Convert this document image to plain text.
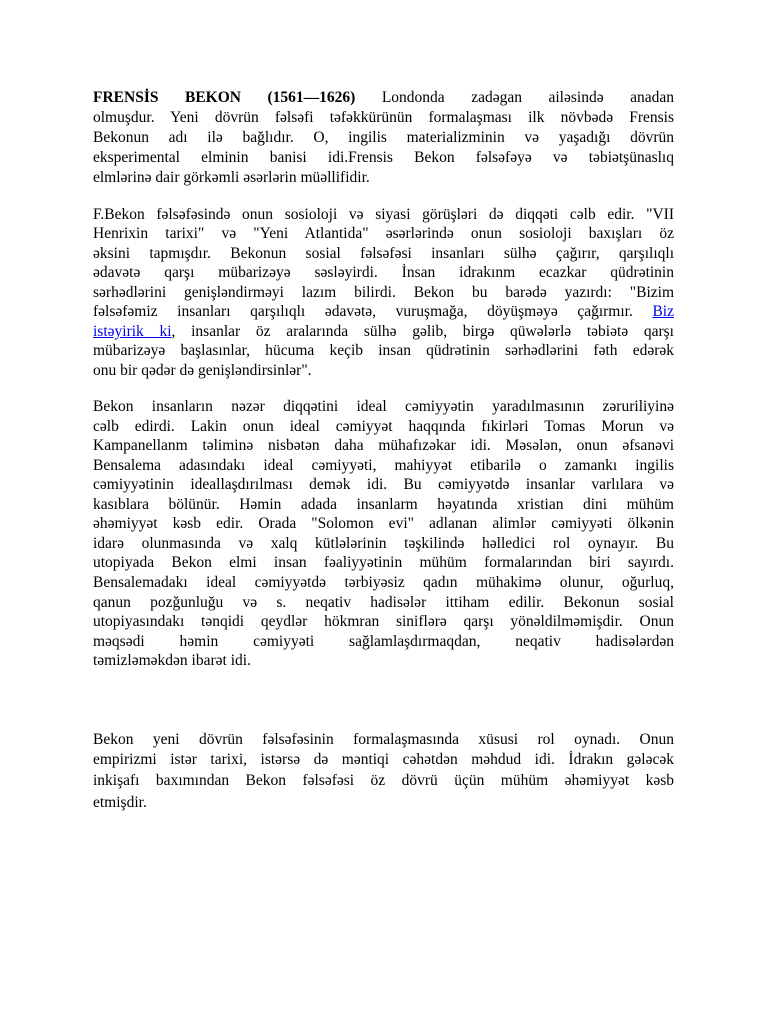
FRENSİS BEKON (1561—1626) Londonda zadəgan ailəsində anadan
olmuşdur. Yeni dövrün fəlsəfi təfəkkürünün formalaşması ilk növbədə Frensis
Bekonun adı ilə bağlıdır. O, ingilis materializminin və yaşadığı dövrün
eksperimental elminin banisi idi.Frensis Bekon fəlsəfəyə və təbiətşünaslıq
elmlərinə dair görkəmli əsərlərin müəllifidir.
F.Bekon fəlsəfəsində onun sosioloji və siyasi görüşləri də diqqəti cəlb edir. "VII
Henrixin tarixi" və "Yeni Atlantida" əsərlərində onun sosioloji baxışları öz
əksini tapmışdır. Bekonun sosial fəlsəfəsi insanları sülhə çağırır, qarşılıqlı
ədavətə qarşı mübarizəyə səsləyirdi. İnsan idrakınm ecazkar qüdrətinin
sərhədlərini genişləndirməyi lazım bilirdi. Bekon bu barədə yazırdı: "Bizim
fəlsəfəmiz insanları qarşılıqlı ədavətə, vuruşmağa, döyüşməyə çağırmır. Biz
istəyirik ki, insanlar öz aralarında sülhə gəlib, birgə qüwələrlə təbiətə qarşı
mübarizəyə başlasınlar, hücuma keçib insan qüdrətinin sərhədlərini fəth edərək
onu bir qədər də genişləndirsinlər".
Bekon insanların nəzər diqqətini ideal cəmiyyətin yaradılmasının zəruriliyinə
cəlb edirdi. Lakin onun ideal cəmiyyət haqqında fıkirləri Tomas Morun və
Kampanellanm təliminə nisbətən daha mühafızəkar idi. Məsələn, onun əfsanəvi
Bensalema adasındakı ideal cəmiyyəti, mahiyyət etibarilə o zamankı ingilis
cəmiyyətinin ideallaşdırılması demək idi. Bu cəmiyyətdə insanlar varlılara və
kasıblara bölünür. Həmin adada insanlarm həyatında xristian dini mühüm
əhəmiyyət kəsb edir. Orada "Solomon evi" adlanan alimlər cəmiyyəti ölkənin
idarə olunmasında və xalq kütlələrinin təşkilində həlledici rol oynayır. Bu
utopiyada Bekon elmi insan fəaliyyətinin mühüm formalarından biri sayırdı.
Bensalemadakı ideal cəmiyyətdə tərbiyəsiz qadın mühakimə olunur, oğurluq,
qanun pozğunluğu və s. neqativ hadisələr ittiham edilir. Bekonun sosial
utopiyasındakı tənqidi qeydlər hökmran siniflərə qarşı yönəldilməmişdir. Onun
məqsədi həmin cəmiyyəti sağlamlaşdırmaqdan, neqativ hadisələrdən
təmizləməkdən ibarət idi.
Bekon yeni dövrün fəlsəfəsinin formalaşmasında xüsusi rol oynadı. Onun
empirizmi istər tarixi, istərsə də məntiqi cəhətdən məhdud idi. İdrakın gələcək
inkişafı baxımından Bekon fəlsəfəsi öz dövrü üçün mühüm əhəmiyyət kəsb
etmişdir.
